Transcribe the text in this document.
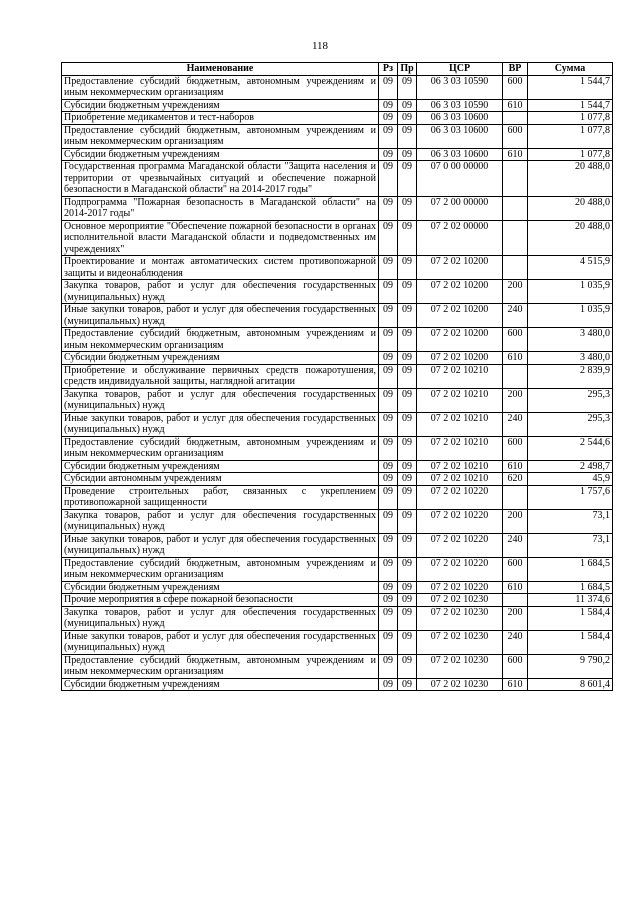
118
Наименование	Рз	Пр	ЦСР	ВР	Сумма
Предоставление субсидий бюджетным, автономным учреждениям и иным некоммерческим организациям	09	09	06 3 03 10590	600	1 544,7
Субсидии бюджетным учреждениям	09	09	06 3 03 10590	610	1 544,7
Приобретение медикаментов и тест-наборов	09	09	06 3 03 10600		1 077,8
Предоставление субсидий бюджетным, автономным учреждениям и иным некоммерческим организациям	09	09	06 3 03 10600	600	1 077,8
Субсидии бюджетным учреждениям	09	09	06 3 03 10600	610	1 077,8
Государственная программа Магаданской области "Защита населения и территории от чрезвычайных ситуаций и обеспечение пожарной безопасности в Магаданской области" на 2014-2017 годы"	09	09	07 0 00 00000		20 488,0
Подпрограмма "Пожарная безопасность в Магаданской области" на 2014-2017 годы"	09	09	07 2 00 00000		20 488,0
Основное мероприятие "Обеспечение пожарной безопасности в органах исполнительной власти Магаданской области и подведомственных им учреждениях"	09	09	07 2 02 00000		20 488,0
Проектирование и монтаж автоматических систем противопожарной защиты и видеонаблюдения	09	09	07 2 02 10200		4 515,9
Закупка товаров, работ и услуг для обеспечения государственных (муниципальных) нужд	09	09	07 2 02 10200	200	1 035,9
Иные закупки товаров, работ и услуг для обеспечения государственных (муниципальных) нужд	09	09	07 2 02 10200	240	1 035,9
Предоставление субсидий бюджетным, автономным учреждениям и иным некоммерческим организациям	09	09	07 2 02 10200	600	3 480,0
Субсидии бюджетным учреждениям	09	09	07 2 02 10200	610	3 480,0
Приобретение и обслуживание первичных средств пожаротушения, средств индивидуальной защиты, наглядной агитации	09	09	07 2 02 10210		2 839,9
Закупка товаров, работ и услуг для обеспечения государственных (муниципальных) нужд	09	09	07 2 02 10210	200	295,3
Иные закупки товаров, работ и услуг для обеспечения государственных (муниципальных) нужд	09	09	07 2 02 10210	240	295,3
Предоставление субсидий бюджетным, автономным учреждениям и иным некоммерческим организациям	09	09	07 2 02 10210	600	2 544,6
Субсидии бюджетным учреждениям	09	09	07 2 02 10210	610	2 498,7
Субсидии автономным учреждениям	09	09	07 2 02 10210	620	45,9
Проведение строительных работ, связанных с укреплением противопожарной защищенности	09	09	07 2 02 10220		1 757,6
Закупка товаров, работ и услуг для обеспечения государственных (муниципальных) нужд	09	09	07 2 02 10220	200	73,1
Иные закупки товаров, работ и услуг для обеспечения государственных (муниципальных) нужд	09	09	07 2 02 10220	240	73,1
Предоставление субсидий бюджетным, автономным учреждениям и иным некоммерческим организациям	09	09	07 2 02 10220	600	1 684,5
Субсидии бюджетным учреждениям	09	09	07 2 02 10220	610	1 684,5
Прочие мероприятия в сфере пожарной безопасности	09	09	07 2 02 10230		11 374,6
Закупка товаров, работ и услуг для обеспечения государственных (муниципальных) нужд	09	09	07 2 02 10230	200	1 584,4
Иные закупки товаров, работ и услуг для обеспечения государственных (муниципальных) нужд	09	09	07 2 02 10230	240	1 584,4
Предоставление субсидий бюджетным, автономным учреждениям и иным некоммерческим организациям	09	09	07 2 02 10230	600	9 790,2
Субсидии бюджетным учреждениям	09	09	07 2 02 10230	610	8 601,4
